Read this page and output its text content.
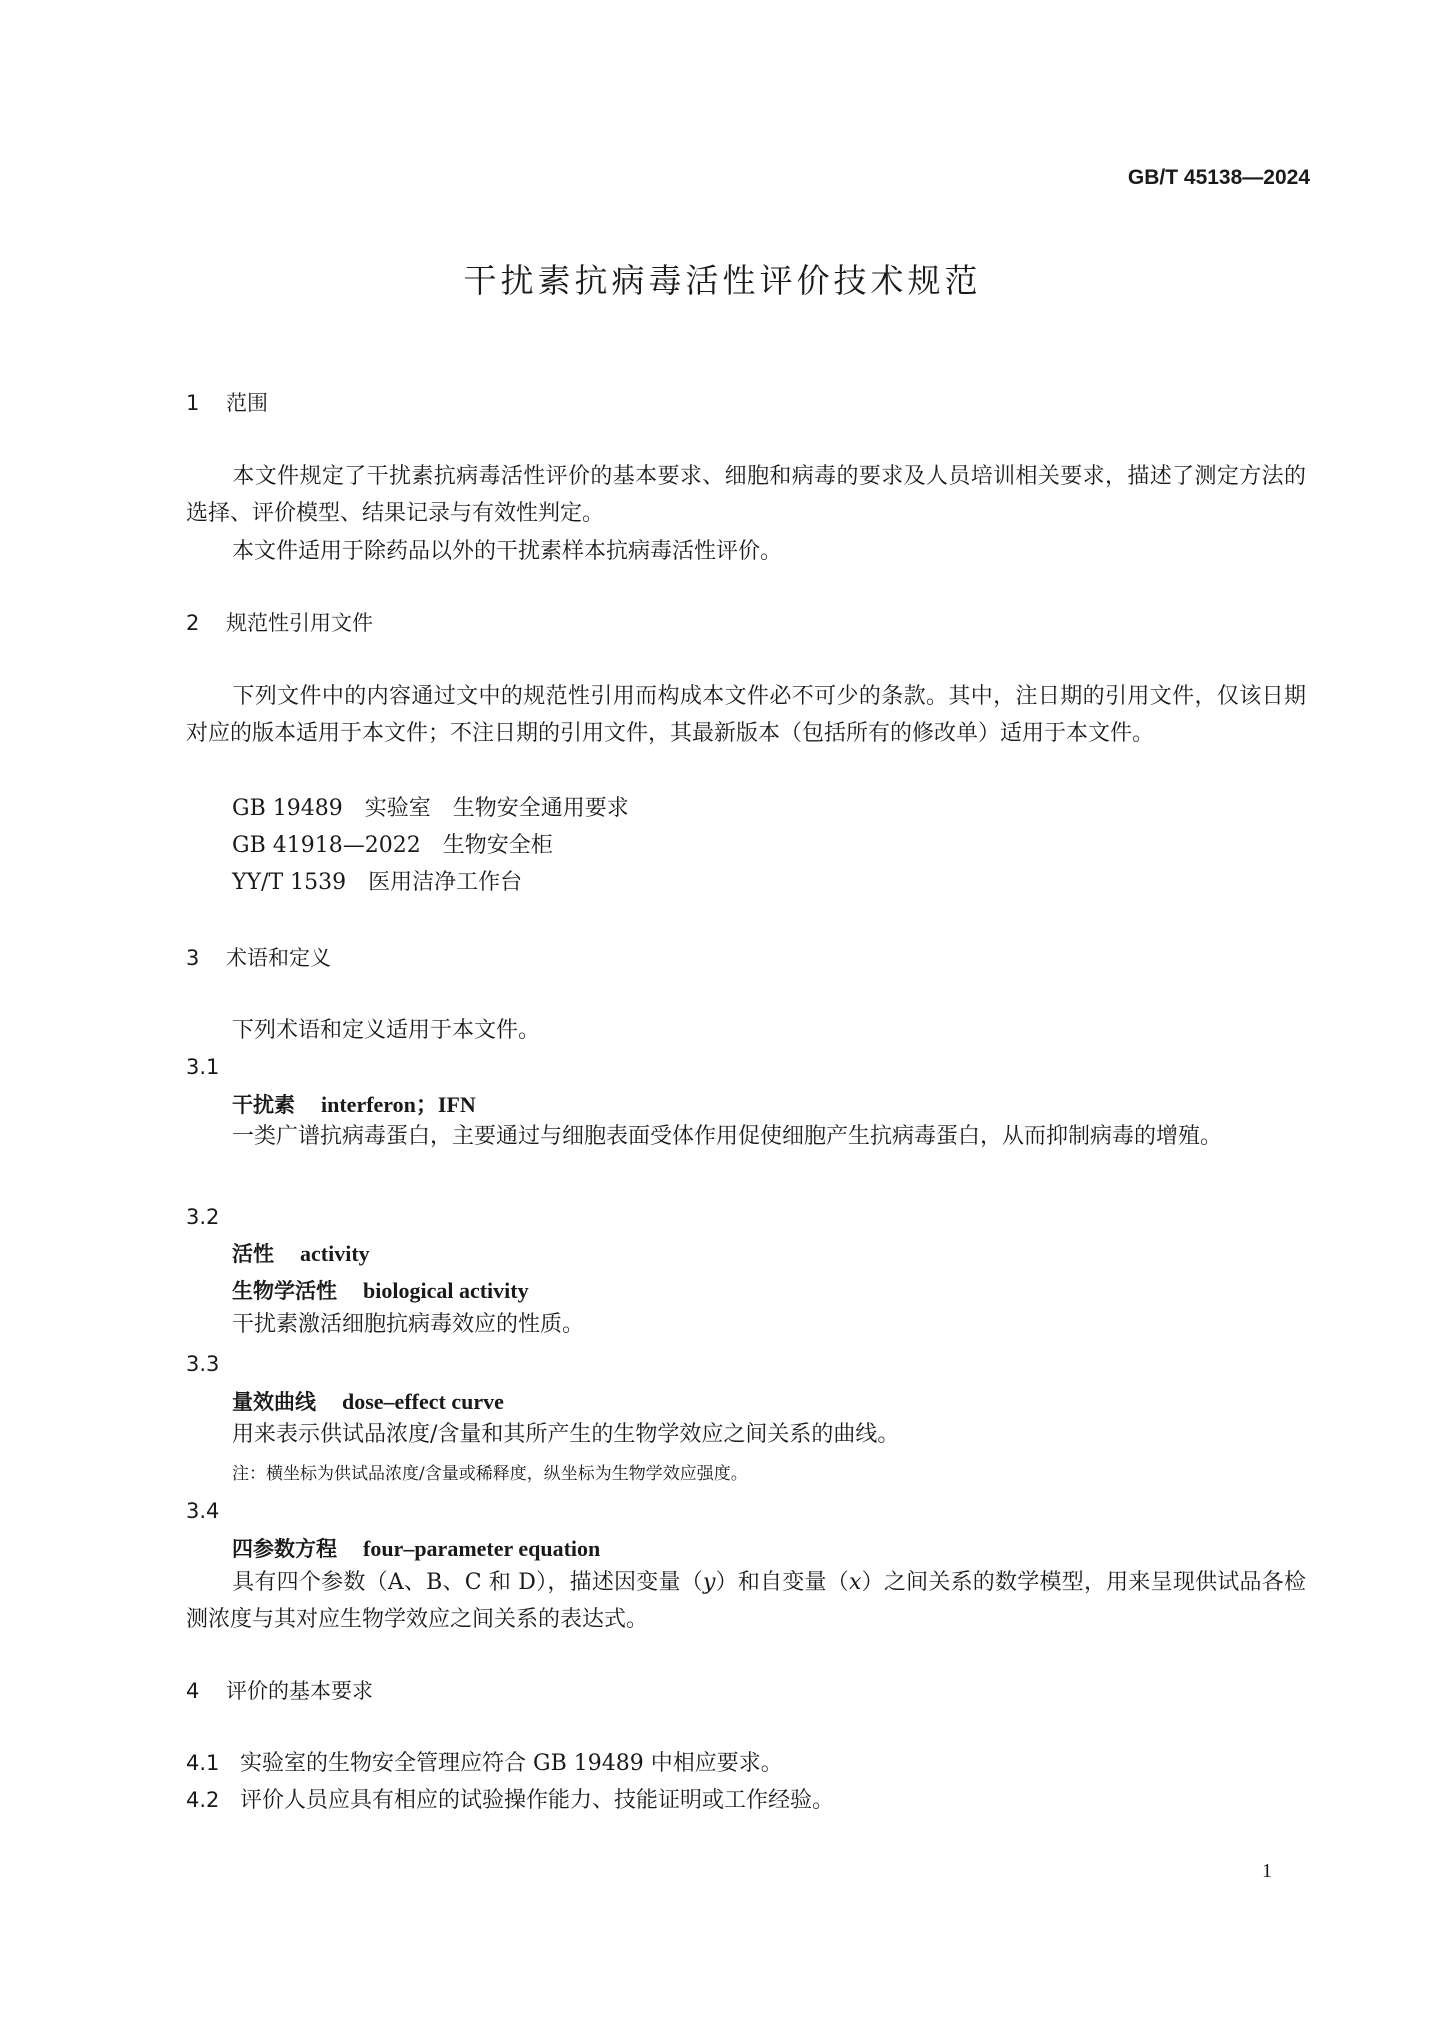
GB/T 45138—2024
干扰素抗病毒活性评价技术规范
1 范围
本文件规定了干扰素抗病毒活性评价的基本要求、细胞和病毒的要求及人员培训相关要求，描述了测定方法的选择、评价模型、结果记录与有效性判定。
本文件适用于除药品以外的干扰素样本抗病毒活性评价。
2 规范性引用文件
下列文件中的内容通过文中的规范性引用而构成本文件必不可少的条款。其中，注日期的引用文件，仅该日期对应的版本适用于本文件；不注日期的引用文件，其最新版本（包括所有的修改单）适用于本文件。
GB 19489 实验室　生物安全通用要求
GB 41918—2022 生物安全柜
YY/T 1539 医用洁净工作台
3 术语和定义
下列术语和定义适用于本文件。
3.1
干扰素 interferon；IFN
一类广谱抗病毒蛋白，主要通过与细胞表面受体作用促使细胞产生抗病毒蛋白，从而抑制病毒的增殖。
3.2
活性 activity
生物学活性 biological activity
干扰素激活细胞抗病毒效应的性质。
3.3
量效曲线 dose–effect curve
用来表示供试品浓度/含量和其所产生的生物学效应之间关系的曲线。
注：横坐标为供试品浓度/含量或稀释度，纵坐标为生物学效应强度。
3.4
四参数方程 four–parameter equation
具有四个参数（A、B、C 和 D），描述因变量（y）和自变量（x）之间关系的数学模型，用来呈现供试品各检测浓度与其对应生物学效应之间关系的表达式。
4 评价的基本要求
4.1 实验室的生物安全管理应符合 GB 19489 中相应要求。
4.2 评价人员应具有相应的试验操作能力、技能证明或工作经验。
1
